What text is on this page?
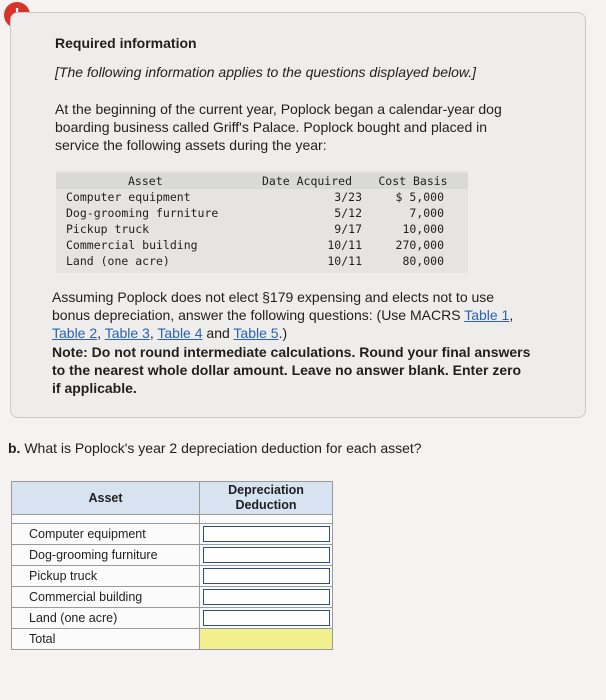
Required information
[The following information applies to the questions displayed below.]
At the beginning of the current year, Poplock began a calendar-year dog boarding business called Griff's Palace. Poplock bought and placed in service the following assets during the year:
Asset	Date Acquired	Cost Basis
Computer equipment	3/23	$ 5,000
Dog-grooming furniture	5/12	7,000
Pickup truck	9/17	10,000
Commercial building	10/11	270,000
Land (one acre)	10/11	80,000
Assuming Poplock does not elect §179 expensing and elects not to use bonus depreciation, answer the following questions: (Use MACRS Table 1, Table 2, Table 3, Table 4 and Table 5.)
Note: Do not round intermediate calculations. Round your final answers to the nearest whole dollar amount. Leave no answer blank. Enter zero if applicable.
b. What is Poplock's year 2 depreciation deduction for each asset?
Asset	Depreciation Deduction

Computer equipment	

Dog-grooming furniture	

Pickup truck	

Commercial building	

Land (one acre)	

Total	
